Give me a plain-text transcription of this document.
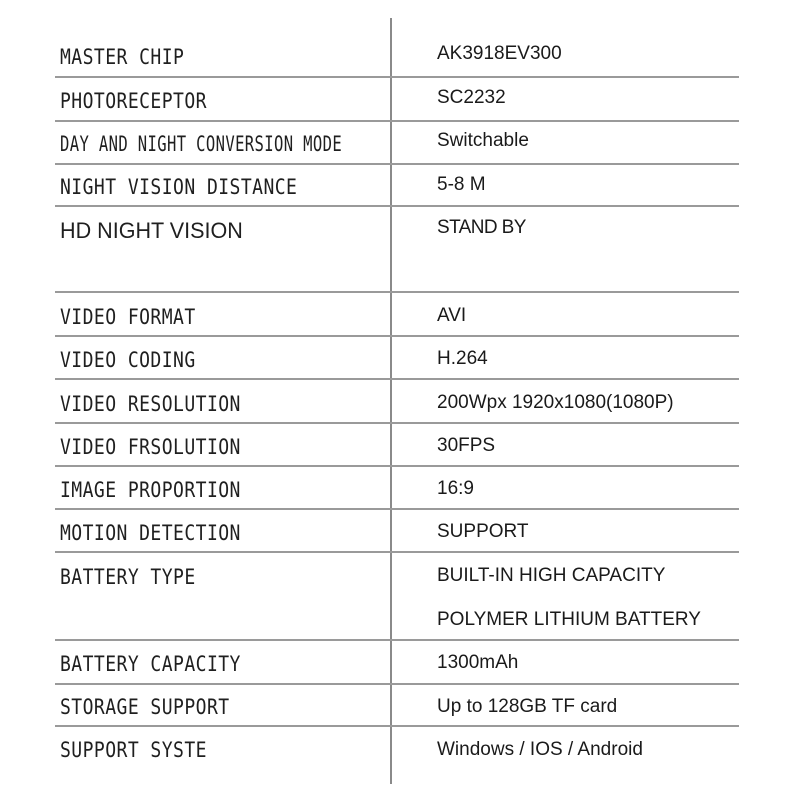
MASTER CHIP
PHOTORECEPTOR
DAY AND NIGHT CONVERSION MODE
NIGHT VISION DISTANCE
HD NIGHT VISION
VIDEO FORMAT
VIDEO CODING
VIDEO RESOLUTION
VIDEO FRSOLUTION
IMAGE PROPORTION
MOTION DETECTION
BATTERY TYPE
BATTERY CAPACITY
STORAGE SUPPORT
SUPPORT SYSTE
AK3918EV300
SC2232
Switchable
5-8 M
STAND BY
AVI
H.264
200Wpx 1920x1080(1080P)
30FPS
16:9
SUPPORT
BUILT-IN HIGH CAPACITY
POLYMER LITHIUM BATTERY
1300mAh
Up to 128GB TF card
Windows / IOS / Android
